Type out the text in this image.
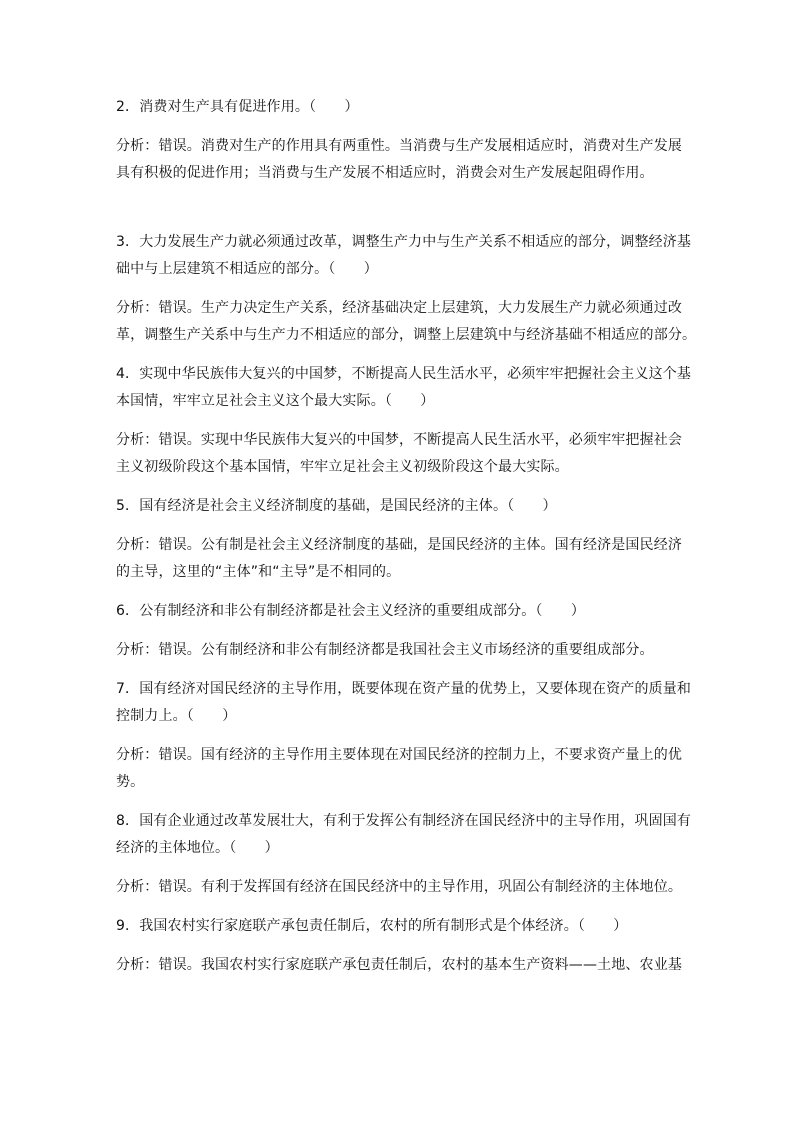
2．消费对生产具有促进作用。（　　）

分析：错误。消费对生产的作用具有两重性。当消费与生产发展相适应时，消费对生产发展

具有积极的促进作用；当消费与生产发展不相适应时，消费会对生产发展起阻碍作用。

3．大力发展生产力就必须通过改革，调整生产力中与生产关系不相适应的部分，调整经济基

础中与上层建筑不相适应的部分。（　　）

分析：错误。生产力决定生产关系，经济基础决定上层建筑，大力发展生产力就必须通过改

革，调整生产关系中与生产力不相适应的部分，调整上层建筑中与经济基础不相适应的部分。

4．实现中华民族伟大复兴的中国梦，不断提高人民生活水平，必须牢牢把握社会主义这个基

本国情，牢牢立足社会主义这个最大实际。（　　）

分析：错误。实现中华民族伟大复兴的中国梦，不断提高人民生活水平，必须牢牢把握社会

主义初级阶段这个基本国情，牢牢立足社会主义初级阶段这个最大实际。

5．国有经济是社会主义经济制度的基础，是国民经济的主体。（　　）

分析：错误。公有制是社会主义经济制度的基础，是国民经济的主体。国有经济是国民经济

的主导，这里的“主体”和“主导”是不相同的。

6．公有制经济和非公有制经济都是社会主义经济的重要组成部分。（　　）

分析：错误。公有制经济和非公有制经济都是我国社会主义市场经济的重要组成部分。

7．国有经济对国民经济的主导作用，既要体现在资产量的优势上，又要体现在资产的质量和

控制力上。（　　）

分析：错误。国有经济的主导作用主要体现在对国民经济的控制力上，不要求资产量上的优

势。

8．国有企业通过改革发展壮大，有利于发挥公有制经济在国民经济中的主导作用，巩固国有

经济的主体地位。（　　）

分析：错误。有利于发挥国有经济在国民经济中的主导作用，巩固公有制经济的主体地位。

9．我国农村实行家庭联产承包责任制后，农村的所有制形式是个体经济。（　　）

分析：错误。我国农村实行家庭联产承包责任制后，农村的基本生产资料——土地、农业基
